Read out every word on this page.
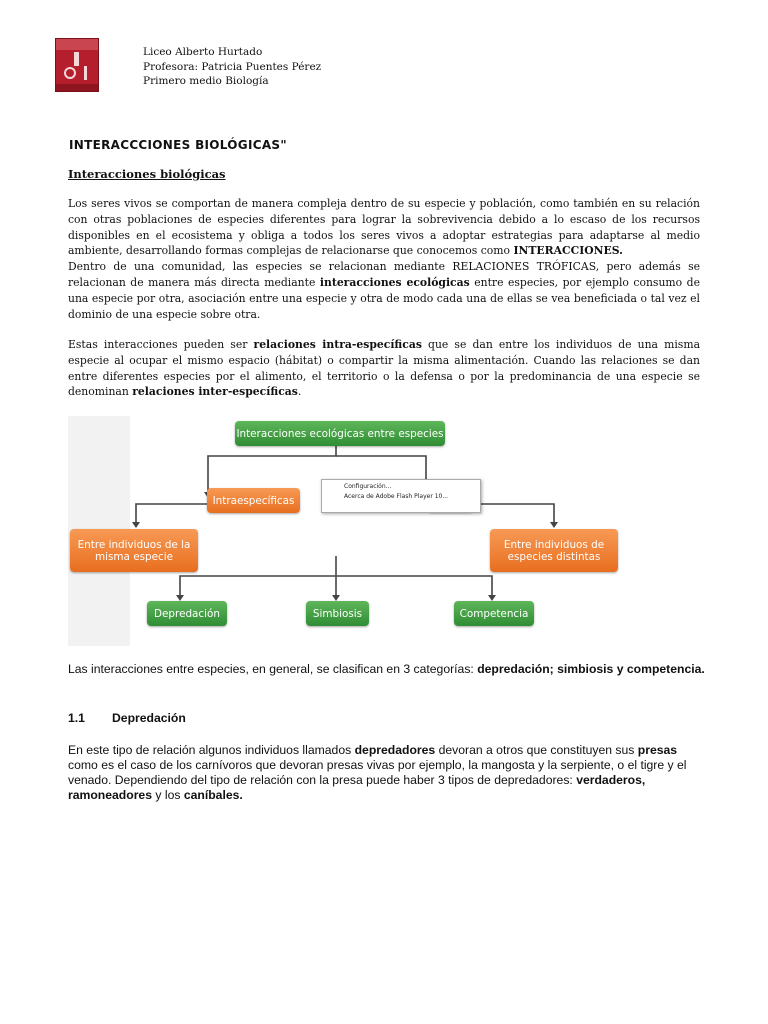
Liceo Alberto Hurtado
Profesora: Patricia Puentes Pérez
Primero medio Biología
INTERACCCIONES BIOLÓGICAS"
Interacciones biológicas
Los seres vivos se comportan de manera compleja dentro de su especie y población, como también en su relación con otras poblaciones de especies diferentes para lograr la sobrevivencia debido a lo escaso de los recursos disponibles en el ecosistema y obliga a todos los seres vivos a adoptar estrategias para adaptarse al medio ambiente, desarrollando formas complejas de relacionarse que conocemos como INTERACCIONES.
Dentro de una comunidad, las especies se relacionan mediante RELACIONES TRÓFICAS, pero además se relacionan de manera más directa mediante interacciones ecológicas entre especies, por ejemplo consumo de una especie por otra, asociación entre una especie y otra de modo cada una de ellas se vea beneficiada o tal vez el dominio de una especie sobre otra.
Estas interacciones pueden ser relaciones intra-específicas que se dan entre los individuos de una misma especie al ocupar el mismo espacio (hábitat) o compartir la misma alimentación. Cuando las relaciones se dan entre diferentes especies por el alimento, el territorio o la defensa o por la predominancia de una especie se denominan relaciones inter-específicas.
Interacciones ecológicas entre especies
Intraespecíficas
Entre individuos de la misma especie
Entre individuos de especies distintas
Depredación	Simbiosis	Competencia
Configuración...
Acerca de Adobe Flash Player 10...
Las interacciones entre especies, en general, se clasifican en 3 categorías: depredación; simbiosis y competencia.
1.1 Depredación
En este tipo de relación algunos individuos llamados depredadores devoran a otros que constituyen sus presas como es el caso de los carnívoros que devoran presas vivas por ejemplo, la mangosta y la serpiente, o el tigre y el venado. Dependiendo del tipo de relación con la presa puede haber 3 tipos de depredadores: verdaderos, ramoneadores y los caníbales.
